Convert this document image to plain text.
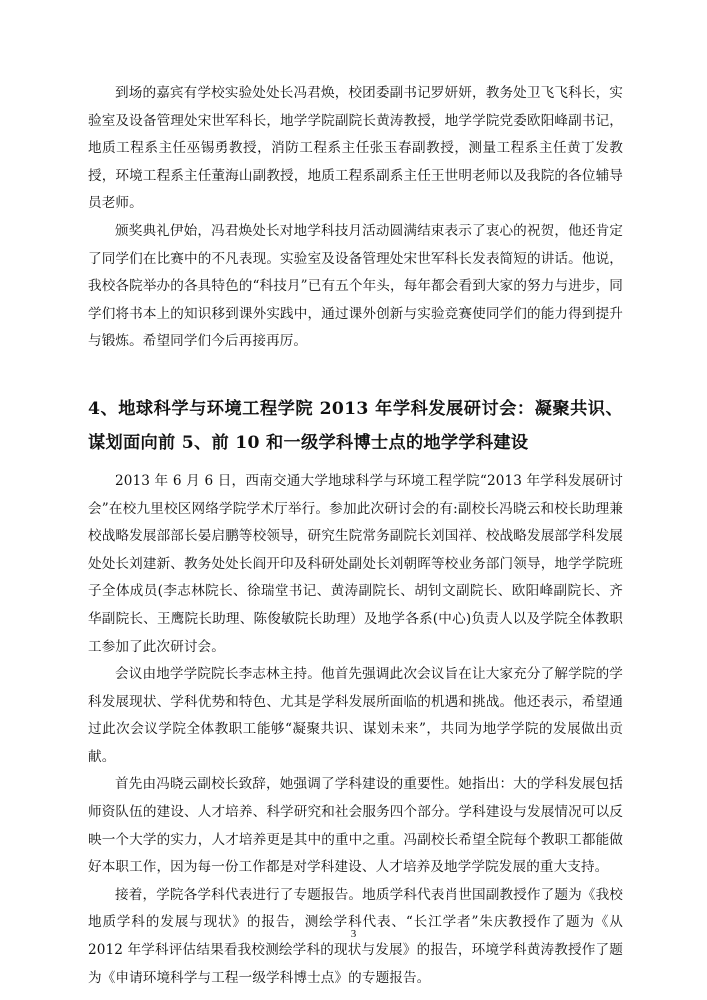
到场的嘉宾有学校实验处处长冯君焕，校团委副书记罗妍妍，教务处卫飞飞科长，实验室及设备管理处宋世军科长，地学学院副院长黄涛教授，地学学院党委欧阳峰副书记，地质工程系主任巫锡勇教授，消防工程系主任张玉春副教授，测量工程系主任黄丁发教授，环境工程系主任董海山副教授，地质工程系副系主任王世明老师以及我院的各位辅导员老师。

颁奖典礼伊始，冯君焕处长对地学科技月活动圆满结束表示了衷心的祝贺，他还肯定了同学们在比赛中的不凡表现。实验室及设备管理处宋世军科长发表简短的讲话。他说，我校各院举办的各具特色的“科技月”已有五个年头，每年都会看到大家的努力与进步，同学们将书本上的知识移到课外实践中，通过课外创新与实验竞赛使同学们的能力得到提升与锻炼。希望同学们今后再接再厉。

4、地球科学与环境工程学院 2013 年学科发展研讨会：凝聚共识、谋划面向前 5、前 10 和一级学科博士点的地学学科建设

2013 年 6 月 6 日，西南交通大学地球科学与环境工程学院“2013 年学科发展研讨会”在校九里校区网络学院学术厅举行。参加此次研讨会的有:副校长冯晓云和校长助理兼校战略发展部部长晏启鹏等校领导，研究生院常务副院长刘国祥、校战略发展部学科发展处处长刘建新、教务处处长阎开印及科研处副处长刘朝晖等校业务部门领导，地学学院班子全体成员(李志林院长、徐瑞堂书记、黄涛副院长、胡钊文副院长、欧阳峰副院长、齐华副院长、王鹰院长助理、陈俊敏院长助理）及地学各系(中心)负责人以及学院全体教职工参加了此次研讨会。

会议由地学学院院长李志林主持。他首先强调此次会议旨在让大家充分了解学院的学科发展现状、学科优势和特色、尤其是学科发展所面临的机遇和挑战。他还表示，希望通过此次会议学院全体教职工能够“凝聚共识、谋划未来”，共同为地学学院的发展做出贡献。

首先由冯晓云副校长致辞，她强调了学科建设的重要性。她指出：大的学科发展包括师资队伍的建设、人才培养、科学研究和社会服务四个部分。学科建设与发展情况可以反映一个大学的实力，人才培养更是其中的重中之重。冯副校长希望全院每个教职工都能做好本职工作，因为每一份工作都是对学科建设、人才培养及地学学院发展的重大支持。

接着，学院各学科代表进行了专题报告。地质学科代表肖世国副教授作了题为《我校地质学科的发展与现状》的报告，测绘学科代表、“长江学者”朱庆教授作了题为《从 2012 年学科评估结果看我校测绘学科的现状与发展》的报告，环境学科黄涛教授作了题为《申请环境科学与工程一级学科博士点》的专题报告。

3
